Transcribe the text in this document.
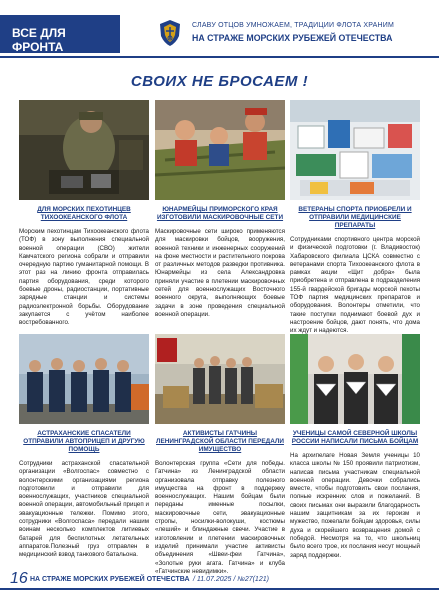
ВСЕ ДЛЯ ФРОНТА
СЛАВУ ОТЦОВ УМНОЖАЕМ, ТРАДИЦИИ ФЛОТА ХРАНИМ
НА СТРАЖЕ МОРСКИХ РУБЕЖЕЙ ОТЕЧЕСТВА
СВОИХ НЕ БРОСАЕМ !
ДЛЯ МОРСКИХ ПЕХОТИНЦЕВ ТИХООКЕАНСКОГО ФЛОТА
Морским пехотинцам Тихоокеанского флота (ТОФ) в зону выполнения специальной военной операции (СВО) жители Камчатского региона собрали и отправили очередную партию гуманитарной помощи. В этот раз на линию фронта отправилась партия оборудования, среди которого боевые дроны, радиостанции, портативные зарядные станции и системы радиоэлектронной борьбы. Оборудование закупается с учётом наиболее востребованного.
ЮНАРМЕЙЦЫ ПРИМОРСКОГО КРАЯ ИЗГОТОВИЛИ МАСКИРОВОЧНЫЕ СЕТИ
Маскировочные сети широко применяются для маскировки бойцов, вооружения, военной техники и инженерных сооружений на фоне местности и растительного покрова от различных методов разведки противника. Юнармейцы из села Александровка приняли участие в плетении маскировочных сетей для военнослужащих Восточного военного округа, выполняющих боевые задачи в зоне проведения специальной военной операции.
ВЕТЕРАНЫ СПОРТА ПРИОБРЕЛИ И ОТПРАВИЛИ МЕДИЦИНСКИЕ ПРЕПАРАТЫ
Сотрудниками спортивного центра морской и физической подготовки (г. Владивосток) Хабаровского филиала ЦСКА совместно с ветеранами спорта Тихоокеанского флота в рамках акции «Щит добра» была приобретена и отправлена в подразделения 155-й гвардейской бригады морской пехоты ТОФ партия медицинских препаратов и оборудования. Волонтеры отметили, что такие поступки поднимают боевой дух и настроение бойцов, дают понять, что дома их ждут и надеются.
АСТРАХАНСКИЕ СПАСАТЕЛИ ОТПРАВИЛИ АВТОПРИЦЕП И ДРУГУЮ ПОМОЩЬ
Сотрудники астраханской спасательной организации «Волгоспас» совместно с волонтерскими организациями региона подготовили и отправили для военнослужащих, участников специальной военной операции, автомобильный прицеп и эвакуационные тележки. Помимо этого, сотрудники «Волгоспаса» передали нашим воинам несколько комплектов литиевых батарей для беспилотных летательных аппаратов.Полезный груз отправлен в медицинский взвод танкового батальона.
АКТИВИСТЫ ГАТЧИНЫ ЛЕНИНГРАДСКОЙ ОБЛАСТИ ПЕРЕДАЛИ ИМУЩЕСТВО
Волонтерская группа «Сети для победы. Гатчина» из Ленинградской области организовала отправку полезного имущества на фронт в поддержку военнослужащих. Нашим бойцам были переданы именные посылки, маскировочные сети, эвакуационные стропы, носилки-волокуши, костюмы «леший» и блиндажные свечи. Участие в изготовлении и плетении маскировочных изделий принимали участие активисты объединения «Швеи-феи Гатчина», «Золотые руки агата. Гатчина» и клуба «Гатчинские невидимки».
УЧЕНИЦЫ САМОЙ СЕВЕРНОЙ ШКОЛЫ РОССИИ НАПИСАЛИ ПИСЬМА БОЙЦАМ
На архипелаге Новая Земля ученицы 10 класса школы № 150 проявили патриотизм, написав письма участникам специальной военной операции. Девочки собрались вместе, чтобы подготовить свои послания, полные искренних слов и пожеланий. В своих письмах они выразили благодарность нашим защитникам за их героизм и мужество, пожелали бойцам здоровья, силы духа и скорейшего возвращения домой с победой. Несмотря на то, что школьниц было всего трое, их послания несут мощный заряд поддержки.
16 НА СТРАЖЕ МОРСКИХ РУБЕЖЕЙ ОТЕЧЕСТВА / 11.07.2025 / №27(121)
